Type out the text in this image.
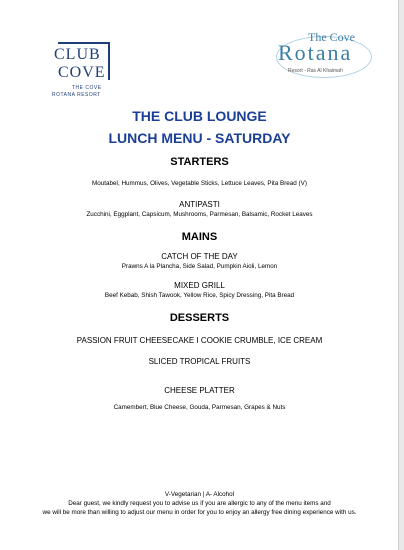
CLUB
COVE
THE COVE
ROTANA RESORT
The Cove
Rotana
Resort - Ras Al Khaimah
THE CLUB LOUNGE
LUNCH MENU - SATURDAY
STARTERS
Moutabel, Hummus, Olives, Vegetable Sticks, Lettuce Leaves, Pita Bread (V)
ANTIPASTI
Zucchini, Eggplant, Capsicum, Mushrooms, Parmesan, Balsamic, Rocket Leaves
MAINS
CATCH OF THE DAY
Prawns A la Plancha, Side Salad, Pumpkin Aioli, Lemon
MIXED GRILL
Beef Kebab, Shish Tawook, Yellow Rice, Spicy Dressing, Pita Bread
DESSERTS
PASSION FRUIT CHEESECAKE I COOKIE CRUMBLE, ICE CREAM
SLICED TROPICAL FRUITS
CHEESE PLATTER
Camembert, Blue Cheese, Gouda, Parmesan, Grapes & Nuts
V-Vegetarian | A- Alcohol
Dear guest, we kindly request you to advise us if you are allergic to any of the menu items and
we will be more than willing to adjust our menu in order for you to enjoy an allergy free dining experience with us.
